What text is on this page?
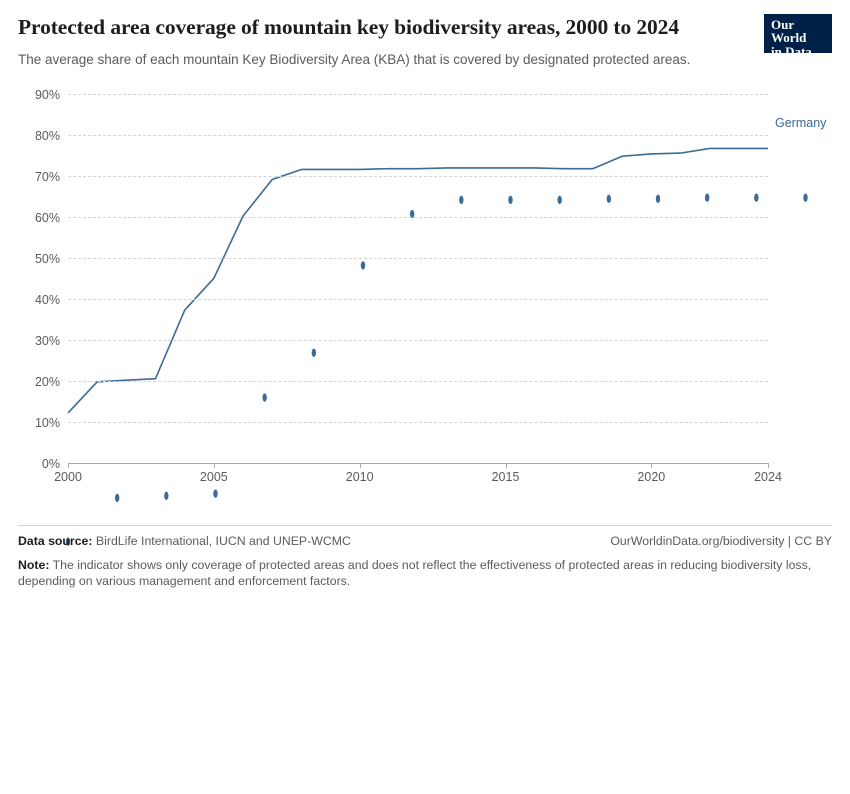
Protected area coverage of mountain key biodiversity areas, 2000 to 2024

The average share of each mountain Key Biodiversity Area (KBA) that is covered by designated protected areas.

Our World
in Data
0%
10%
20%
30%
40%
50%
60%
70%
80%
90%
2000	2005	2010	2015	2020	2024
Germany
Data source: BirdLife International, IUCN and UNEP-WCMC	OurWorldinData.org/biodiversity | CC BY
Note: The indicator shows only coverage of protected areas and does not reflect the effectiveness of protected areas in reducing biodiversity loss, depending on various management and enforcement factors.
